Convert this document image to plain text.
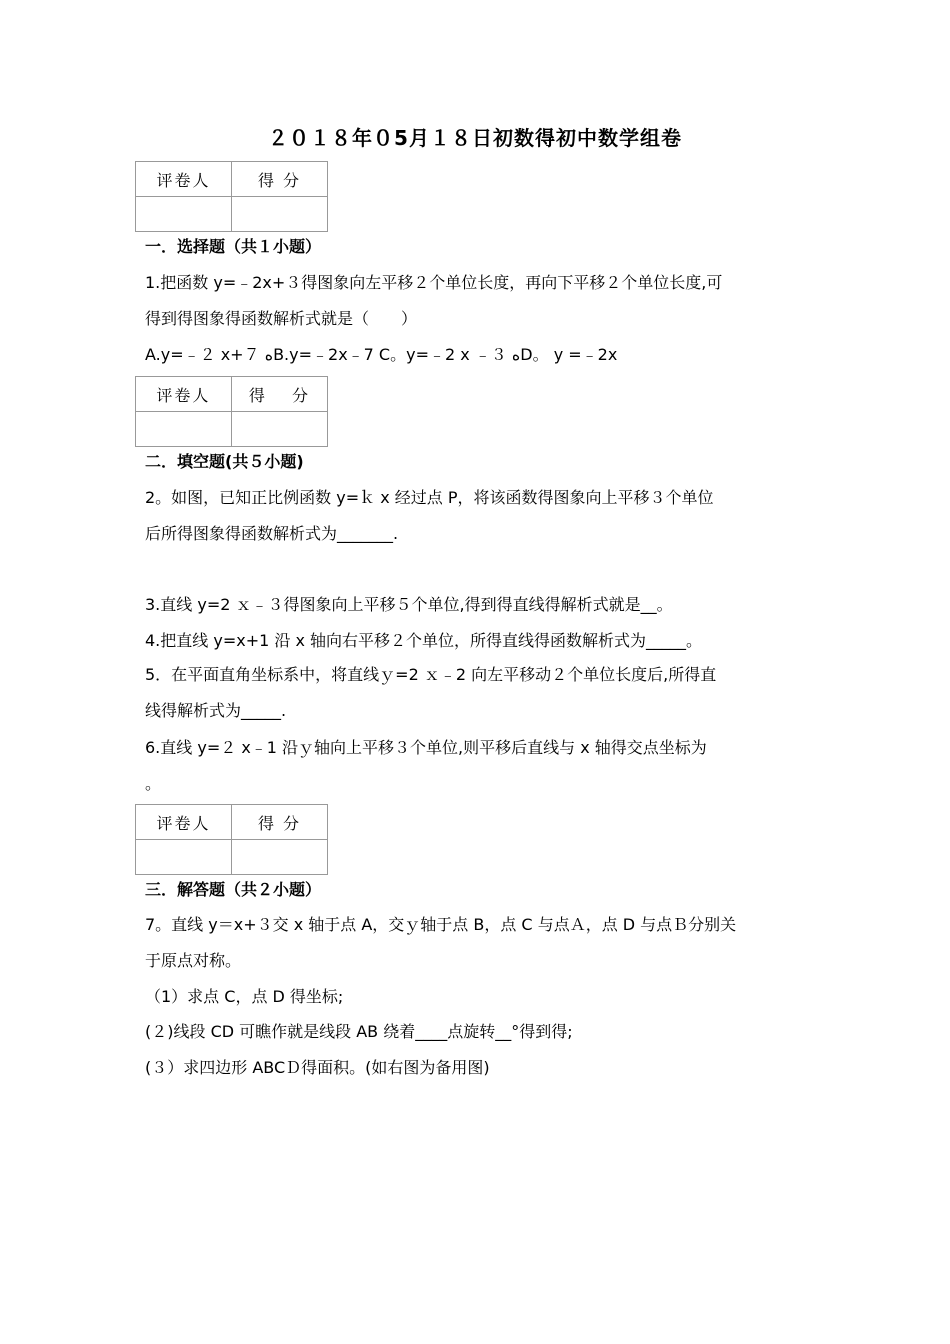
２０１８年０5月１８日初数得初中数学组卷
评卷人	得 分

一．选择题（共１小题）
1.把函数 y=﹣2x+３得图象向左平移２个单位长度，再向下平移２个单位长度,可
得到得图象得函数解析式就是（　　）
A.y=﹣２ x+７ ﻩB.y=﹣2x﹣7 C。y=﹣2 x ﹣３ ﻩD。 y =﹣2x
评卷人	得　 分

二．填空题(共５小题)
2。如图，已知正比例函数 y=ｋ x 经过点 P，将该函数得图象向上平移３个单位
后所得图象得函数解析式为_______.
3.直线 y=2 ｘ﹣３得图象向上平移５个单位,得到得直线得解析式就是__。
4.把直线 y=x+1 沿 x 轴向右平移２个单位，所得直线得函数解析式为_____。
5．在平面直角坐标系中，将直线ｙ=2 ｘ﹣2 向左平移动２个单位长度后,所得直
线得解析式为_____.
6.直线 y=２ x﹣1 沿ｙ轴向上平移３个单位,则平移后直线与 x 轴得交点坐标为
。
评卷人	得 分

三．解答题（共２小题）
7。直线 y＝x+３交 x 轴于点 A，交ｙ轴于点 B，点 C 与点Ａ，点 D 与点Ｂ分别关
于原点对称。
（1）求点 C，点 D 得坐标;
(２)线段 CD 可瞧作就是线段 AB 绕着____点旋转__°得到得;
(３）求四边形 ABCＤ得面积。(如右图为备用图)
